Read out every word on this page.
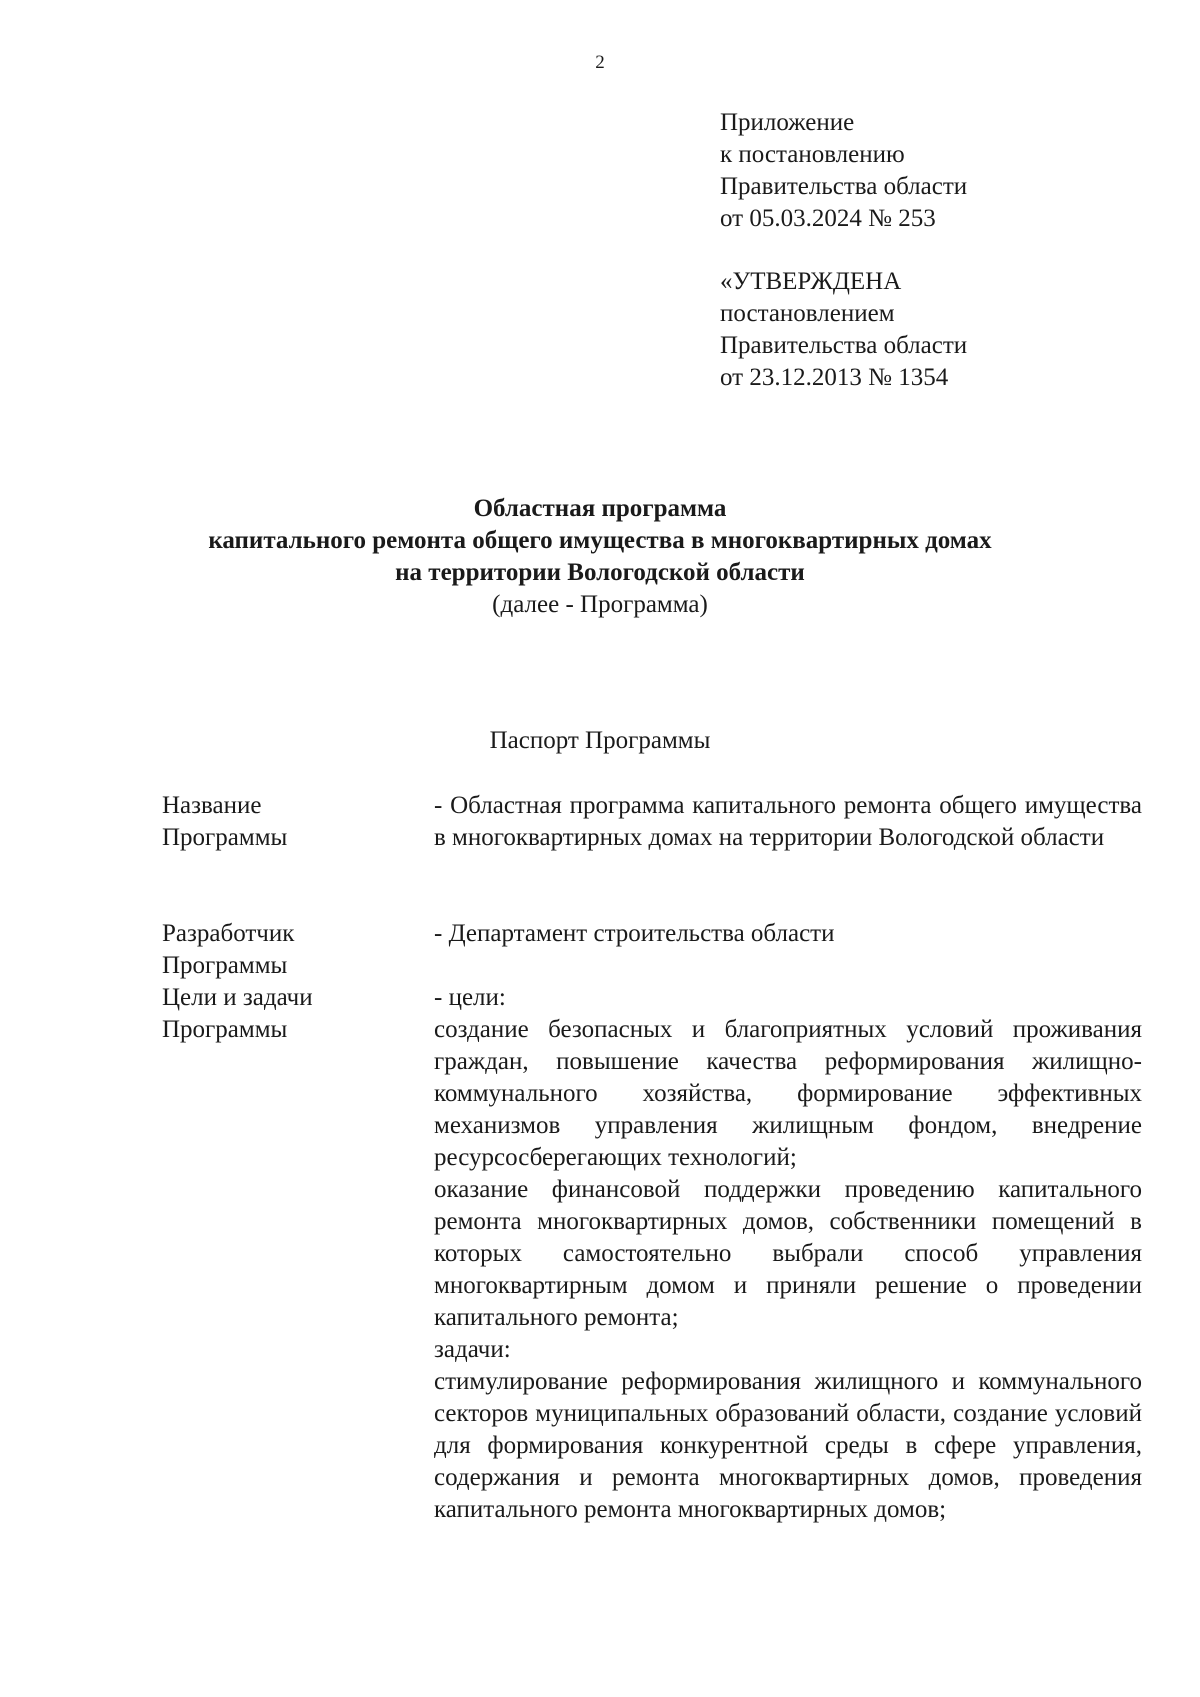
2
Приложение
к постановлению
Правительства области
от 05.03.2024 № 253
«УТВЕРЖДЕНА
постановлением
Правительства области
от 23.12.2013 № 1354
Областная программа
капитального ремонта общего имущества в многоквартирных домах
на территории Вологодской области
(далее - Программа)
Паспорт Программы
Название
Программы

- Областная программа капитального ремонта общего имущества в многоквартирных домах на территории Вологодской области

Разработчик
Программы

- Департамент строительства области

Цели и задачи
Программы

- цели:

создание безопасных и благоприятных условий проживания граждан, повышение качества реформирования жилищно-коммунального хозяйства, формирование эффективных механизмов управления жилищным фондом, внедрение ресурсосберегающих технологий;

оказание финансовой поддержки проведению капитального ремонта многоквартирных домов, собственники помещений в которых самостоятельно выбрали способ управления многоквартирным домом и приняли решение о проведении капитального ремонта;

задачи:

стимулирование реформирования жилищного и коммунального секторов муниципальных образований области, создание условий для формирования конкурентной среды в сфере управления, содержания и ремонта многоквартирных домов, проведения капитального ремонта многоквартирных домов;
